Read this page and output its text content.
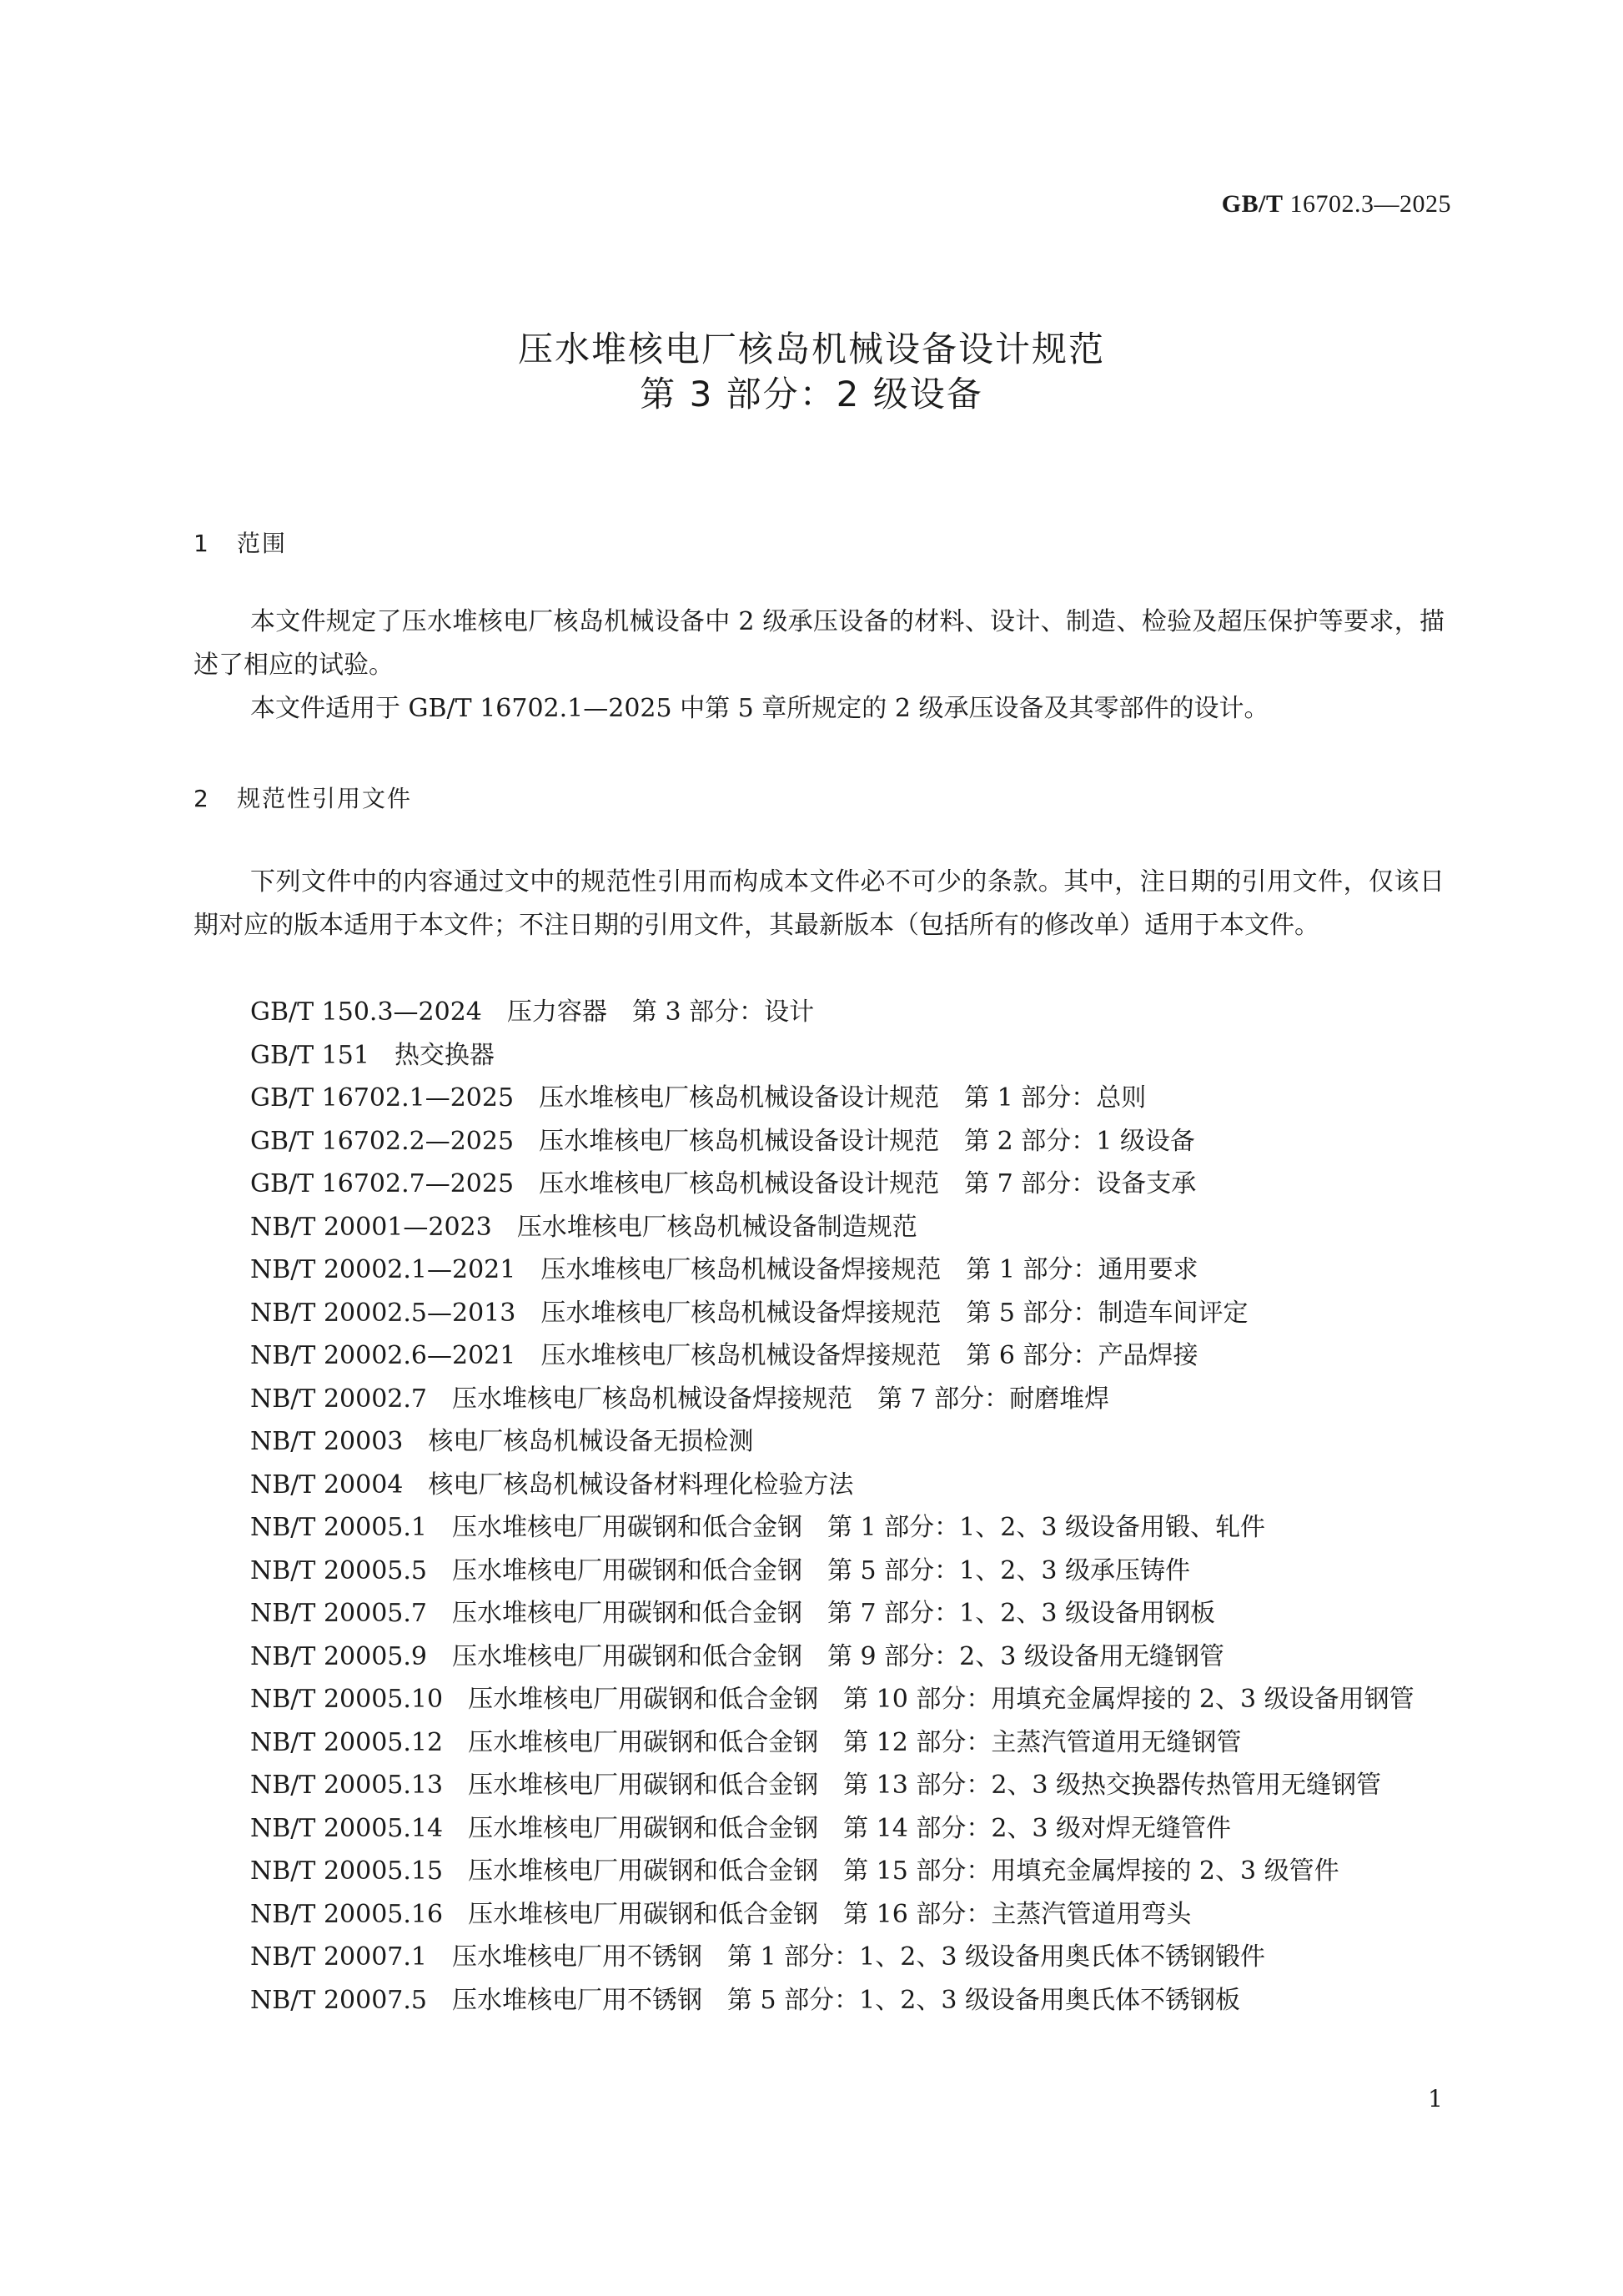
GB/T 16702.3—2025
压水堆核电厂核岛机械设备设计规范
第 3 部分：2 级设备
1 范围

本文件规定了压水堆核电厂核岛机械设备中 2 级承压设备的材料、设计、制造、检验及超压保护等要求，描述了相应的试验。

本文件适用于 GB/T 16702.1—2025 中第 5 章所规定的 2 级承压设备及其零部件的设计。

2 规范性引用文件

下列文件中的内容通过文中的规范性引用而构成本文件必不可少的条款。其中，注日期的引用文件，仅该日期对应的版本适用于本文件；不注日期的引用文件，其最新版本（包括所有的修改单）适用于本文件。

GB/T 150.3—2024　 压力容器　第 3 部分：设计
GB/T 151　 热交换器
GB/T 16702.1—2025　 压水堆核电厂核岛机械设备设计规范　第 1 部分：总则
GB/T 16702.2—2025　 压水堆核电厂核岛机械设备设计规范　第 2 部分：1 级设备
GB/T 16702.7—2025　 压水堆核电厂核岛机械设备设计规范　第 7 部分：设备支承
NB/T 20001—2023　 压水堆核电厂核岛机械设备制造规范
NB/T 20002.1—2021　 压水堆核电厂核岛机械设备焊接规范　第 1 部分：通用要求
NB/T 20002.5—2013　 压水堆核电厂核岛机械设备焊接规范　第 5 部分：制造车间评定
NB/T 20002.6—2021　 压水堆核电厂核岛机械设备焊接规范　第 6 部分：产品焊接
NB/T 20002.7　 压水堆核电厂核岛机械设备焊接规范　第 7 部分：耐磨堆焊
NB/T 20003　 核电厂核岛机械设备无损检测
NB/T 20004　 核电厂核岛机械设备材料理化检验方法
NB/T 20005.1　 压水堆核电厂用碳钢和低合金钢　第 1 部分：1、2、3 级设备用锻、轧件
NB/T 20005.5　 压水堆核电厂用碳钢和低合金钢　第 5 部分：1、2、3 级承压铸件
NB/T 20005.7　 压水堆核电厂用碳钢和低合金钢　第 7 部分：1、2、3 级设备用钢板
NB/T 20005.9　 压水堆核电厂用碳钢和低合金钢　第 9 部分：2、3 级设备用无缝钢管
NB/T 20005.10　 压水堆核电厂用碳钢和低合金钢　第 10 部分：用填充金属焊接的 2、3 级设备用钢管
NB/T 20005.12　 压水堆核电厂用碳钢和低合金钢　第 12 部分：主蒸汽管道用无缝钢管
NB/T 20005.13　 压水堆核电厂用碳钢和低合金钢　第 13 部分：2、3 级热交换器传热管用无缝钢管
NB/T 20005.14　 压水堆核电厂用碳钢和低合金钢　第 14 部分：2、3 级对焊无缝管件
NB/T 20005.15　 压水堆核电厂用碳钢和低合金钢　第 15 部分：用填充金属焊接的 2、3 级管件
NB/T 20005.16　 压水堆核电厂用碳钢和低合金钢　第 16 部分：主蒸汽管道用弯头
NB/T 20007.1　 压水堆核电厂用不锈钢　第 1 部分：1、2、3 级设备用奥氏体不锈钢锻件
NB/T 20007.5　 压水堆核电厂用不锈钢　第 5 部分：1、2、3 级设备用奥氏体不锈钢板
1
